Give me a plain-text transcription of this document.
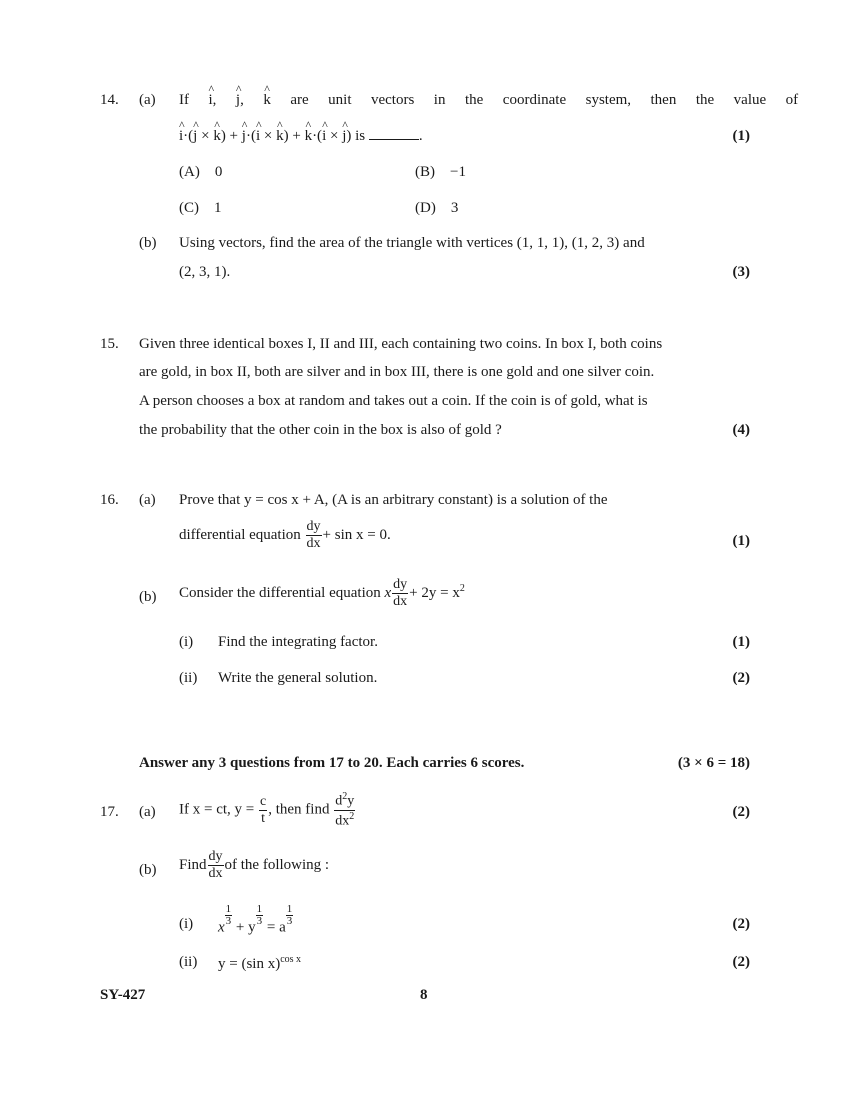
14. (a) If  ^ i,  ^ j,  ^ k  are  unit  vectors  in  the  coordinate  system,  then  the  value  of
^ i·(^ j × ^ k) + ^ j·(^ i × ^ k) + ^ k·(^ i × ^ j) is	.	(1)
(A) 0	(B) −1
(C) 1	(D) 3
(b) Using vectors, find the area of the triangle with vertices (1, 1, 1), (1, 2, 3) and
(2, 3, 1).	(3)
15. Given three identical boxes I, II and III, each containing two coins. In box I, both coins
are gold, in box II, both are silver and in box III, there is one gold and one silver coin.
A person chooses a box at random and takes out a coin. If the coin is of gold, what is
the probability that the other coin in the box is also of gold ?	(4)
16. (a) Prove that y = cos x + A, (A is an arbitrary constant) is a solution of the
differential equation $\frac{dy}{dx} + \sin x = 0$.	(1)
(b) Consider the differential equation x $\frac{dy}{dx} + 2y = x^2$
(i) Find the integrating factor.	(1)
(ii) Write the general solution.	(2)
Answer any 3 questions from 17 to 20. Each carries 6 scores.	(3 × 6 = 18)
17. (a) If x = ct, $y = \frac{c}{t}$ , then find $\frac{d^2y}{dx^2}$	(2)
(b) Find $\frac{dy}{dx}$ of the following :
(i) x
$\frac{1}{3}$
+ y
$\frac{1}{3}$
= a
$\frac{1}{3}$	(2)
(ii) y = (sin x)$^{cos x}$	(2)
SY-427	8
